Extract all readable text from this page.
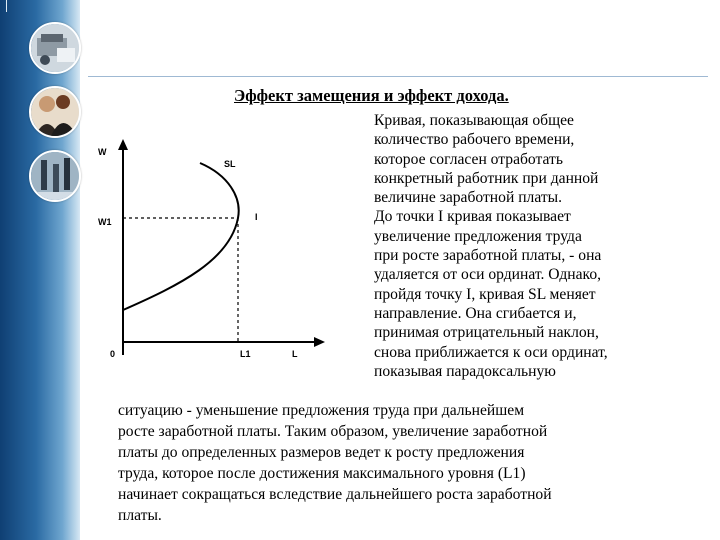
Эффект замещения и эффект дохода.
W
W1
0
SL
I
L1	L
Кривая, показывающая общее
количество рабочего времени,
которое согласен отработать
конкретный работник при данной
величине заработной платы.
До точки I кривая показывает
увеличение предложения труда
при росте заработной платы, - она
удаляется от оси ординат. Однако,
пройдя точку I, кривая SL меняет
направление. Она сгибается и,
принимая отрицательный наклон,
снова приближается к оси ординат,
показывая парадоксальную
ситуацию - уменьшение предложения труда при дальнейшем
росте заработной платы. Таким образом, увеличение заработной
платы до определенных размеров ведет к росту предложения
труда, которое после достижения максимального уровня (L1)
начинает сокращаться вследствие дальнейшего роста заработной
платы.
